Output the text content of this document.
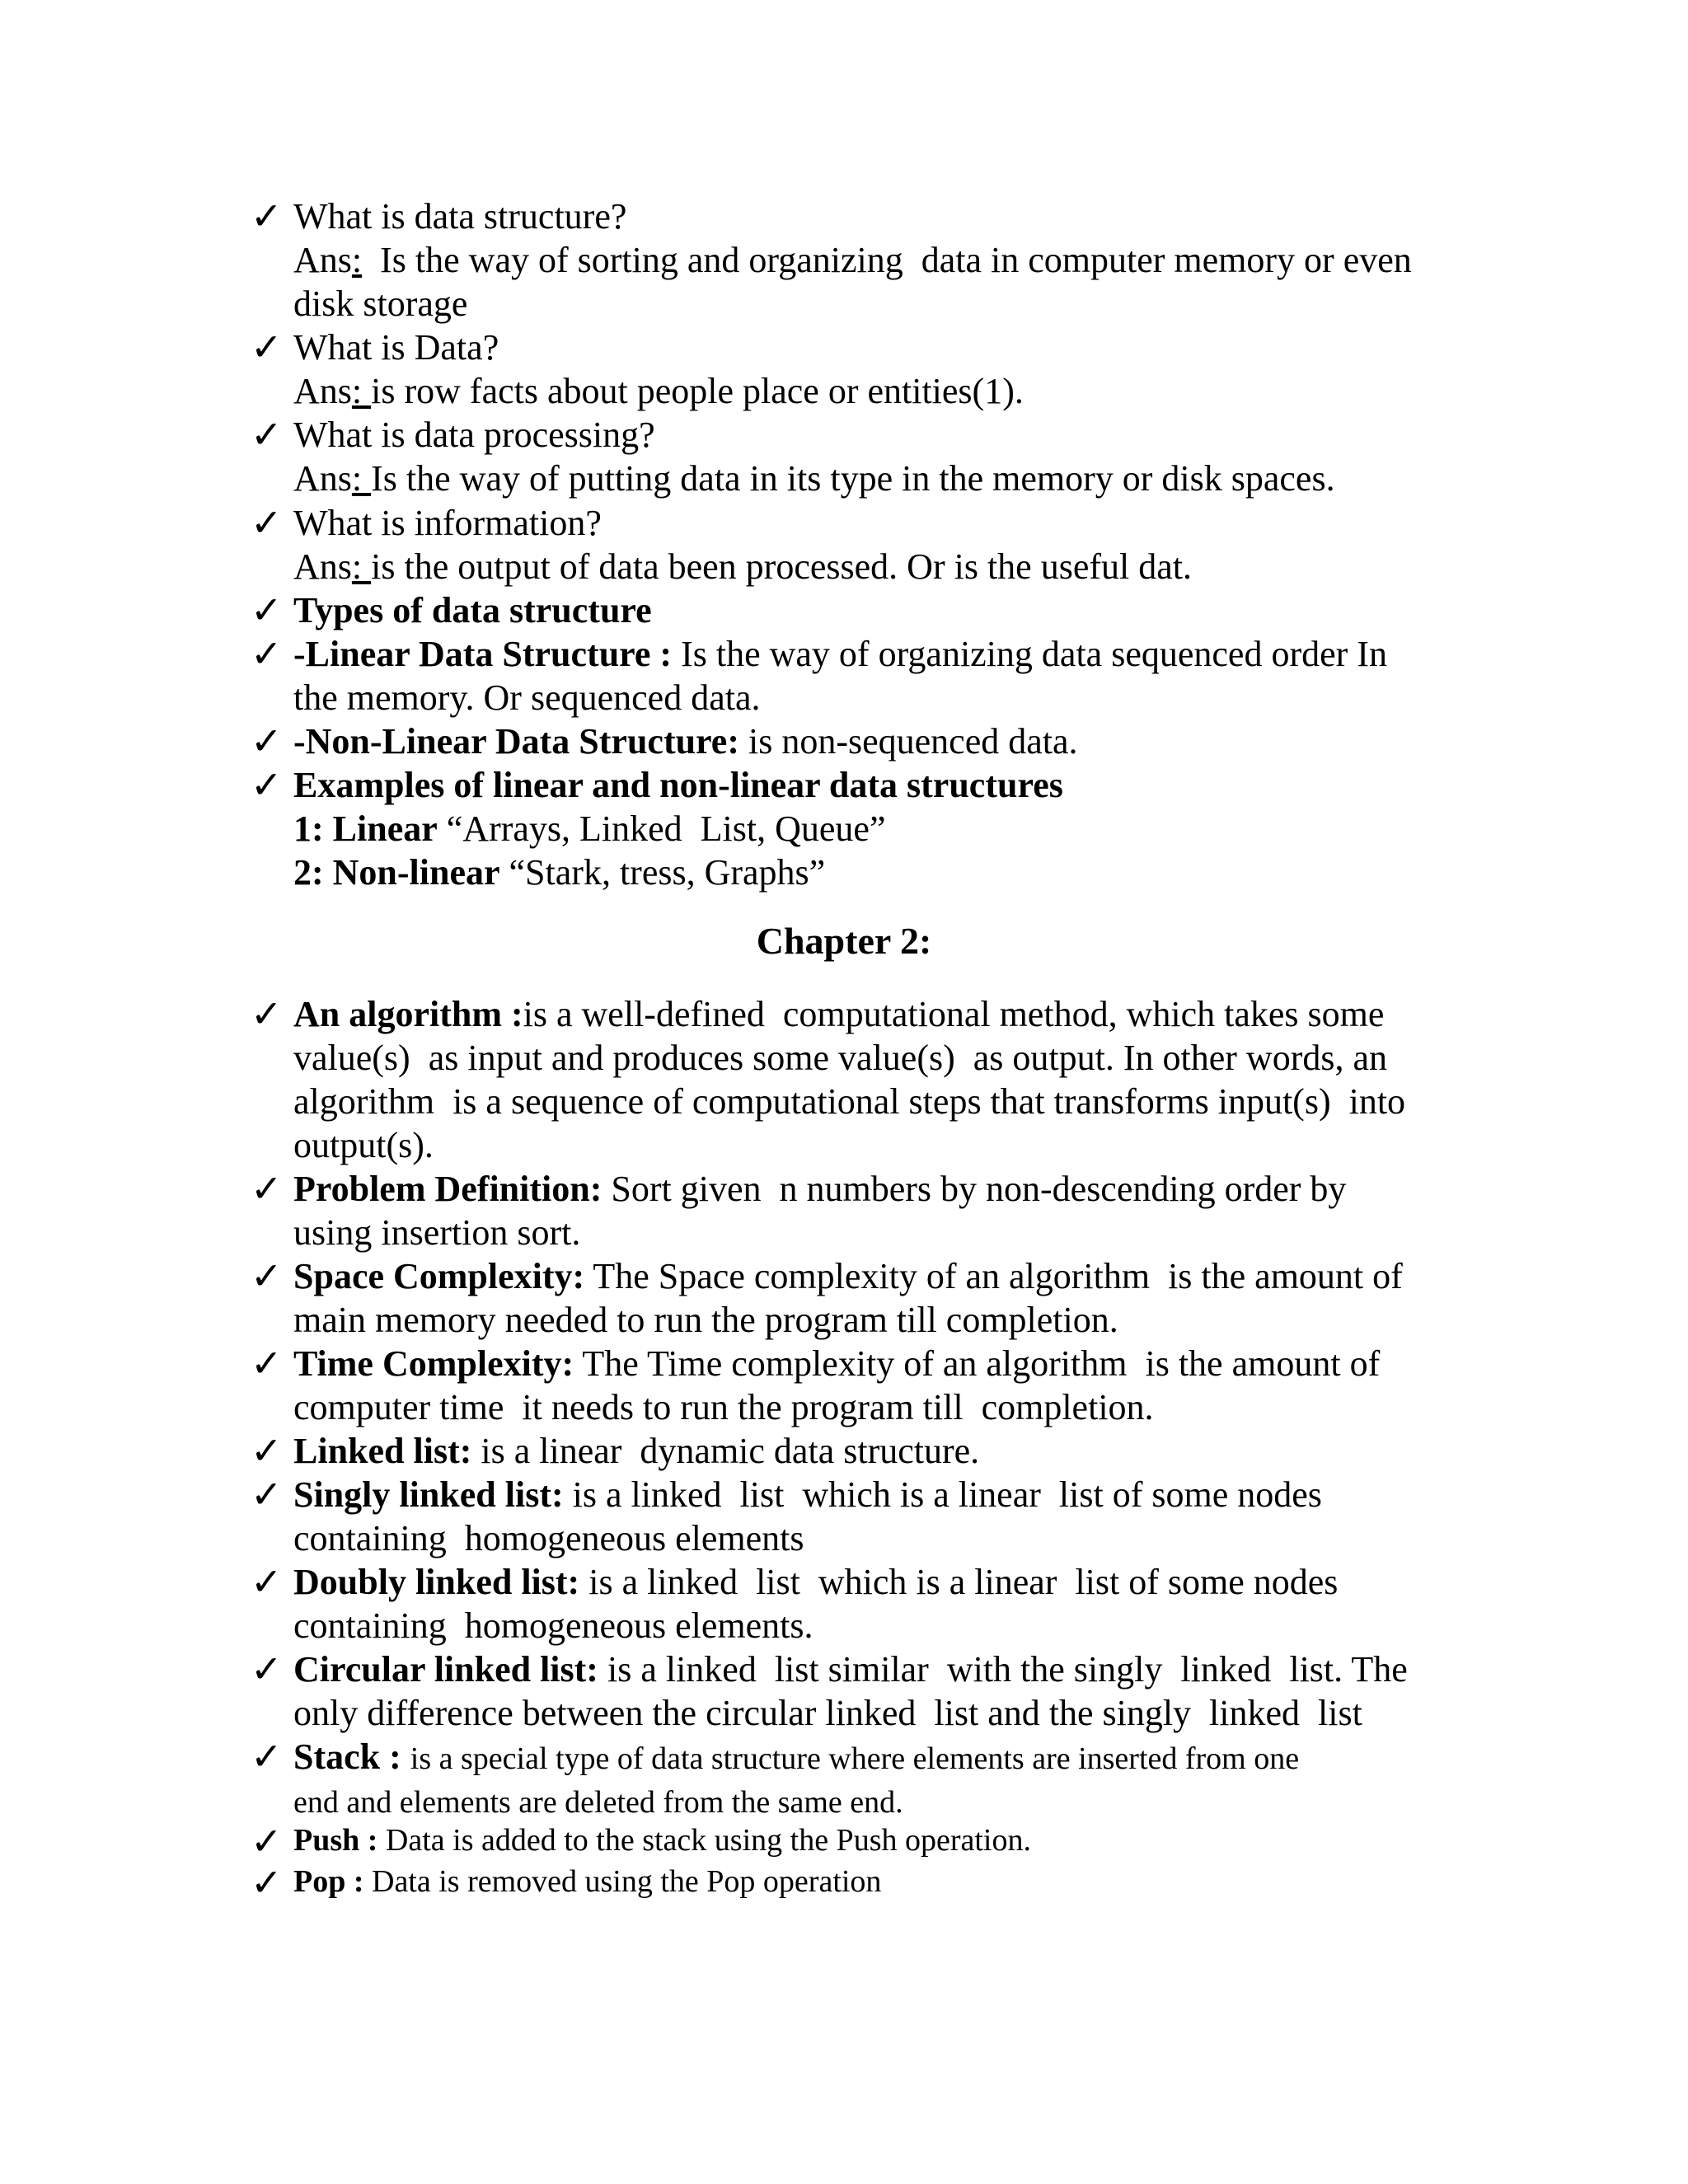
✓ What is data structure?
Ans:  Is the way of sorting and organizing  data in computer memory or even
disk storage
✓ What is Data?
Ans: is row facts about people place or entities(1).
✓ What is data processing?
Ans: Is the way of putting data in its type in the memory or disk spaces.
✓ What is information?
Ans: is the output of data been processed. Or is the useful dat.
✓ Types of data structure
✓ -Linear Data Structure : Is the way of organizing data sequenced order In
the memory. Or sequenced data.
✓ -Non-Linear Data Structure: is non-sequenced data.
✓ Examples of linear and non-linear data structures
1: Linear “Arrays, Linked  List, Queue”
2: Non-linear “Stark, tress, Graphs”
Chapter 2:
✓ An algorithm :is a well-defined  computational method, which takes some
value(s)  as input and produces some value(s)  as output. In other words, an
algorithm  is a sequence of computational steps that transforms input(s)  into
output(s).
✓ Problem Definition: Sort given  n numbers by non-descending order by
using insertion sort.
✓ Space Complexity: The Space complexity of an algorithm  is the amount of
main memory needed to run the program till completion.
✓ Time Complexity: The Time complexity of an algorithm  is the amount of
computer time  it needs to run the program till  completion.
✓ Linked list: is a linear  dynamic data structure.
✓ Singly linked list: is a linked  list  which is a linear  list of some nodes
containing  homogeneous elements
✓ Doubly linked list: is a linked  list  which is a linear  list of some nodes
containing  homogeneous elements.
✓ Circular linked list: is a linked  list similar  with the singly  linked  list. The
only difference between the circular linked  list and the singly  linked  list
✓ Stack : is a special type of data structure where elements are inserted from one
end and elements are deleted from the same end.
✓ Push : Data is added to the stack using the Push operation.
✓ Pop : Data is removed using the Pop operation
